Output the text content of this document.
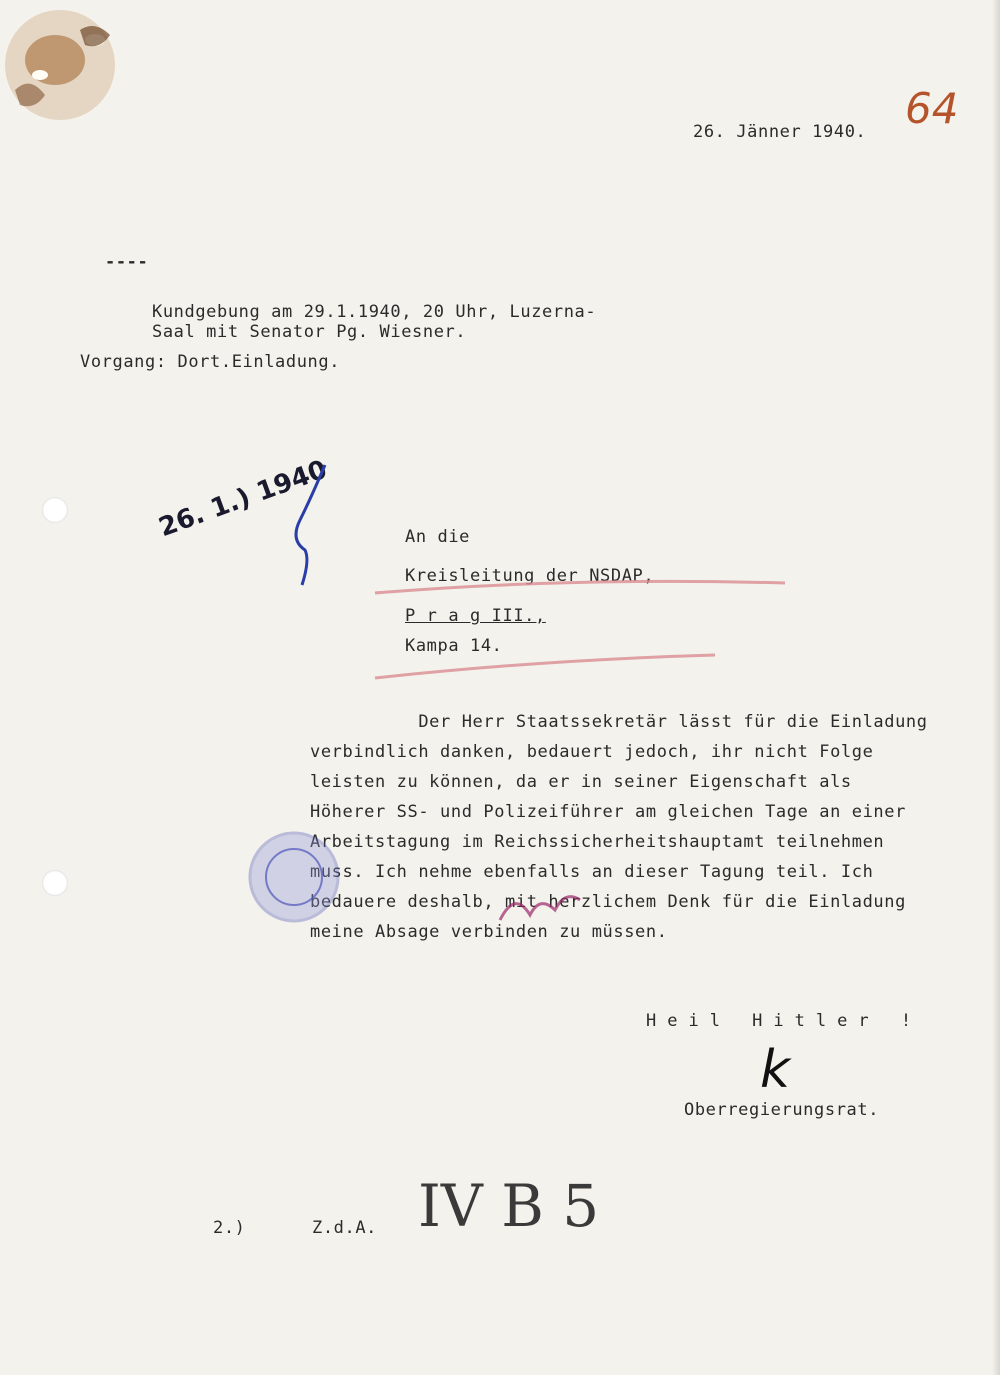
26. Jänner 1940. 64
----
Kundgebung am 29.1.1940, 20 Uhr, Luzerna-
Saal mit Senator Pg. Wiesner.
Vorgang: Dort.Einladung.
26. 1.) 1940	An die
Kreisleitung der NSDAP,
P r a g III.,
Kampa 14.
Der Herr Staatssekretär lässt für die Einladung
verbindlich danken, bedauert jedoch, ihr nicht Folge
leisten zu können, da er in seiner Eigenschaft als
Höherer SS- und Polizeiführer am gleichen Tage an einer
Arbeitstagung im Reichssicherheitshauptamt teilnehmen
muss. Ich nehme ebenfalls an dieser Tagung teil. Ich
bedauere deshalb, mit herzlichem Denk für die Einladung
meine Absage verbinden zu müssen.
Heil Hitler !
k
Oberregierungsrat.
2.)	Z.d.A. IV B 5
